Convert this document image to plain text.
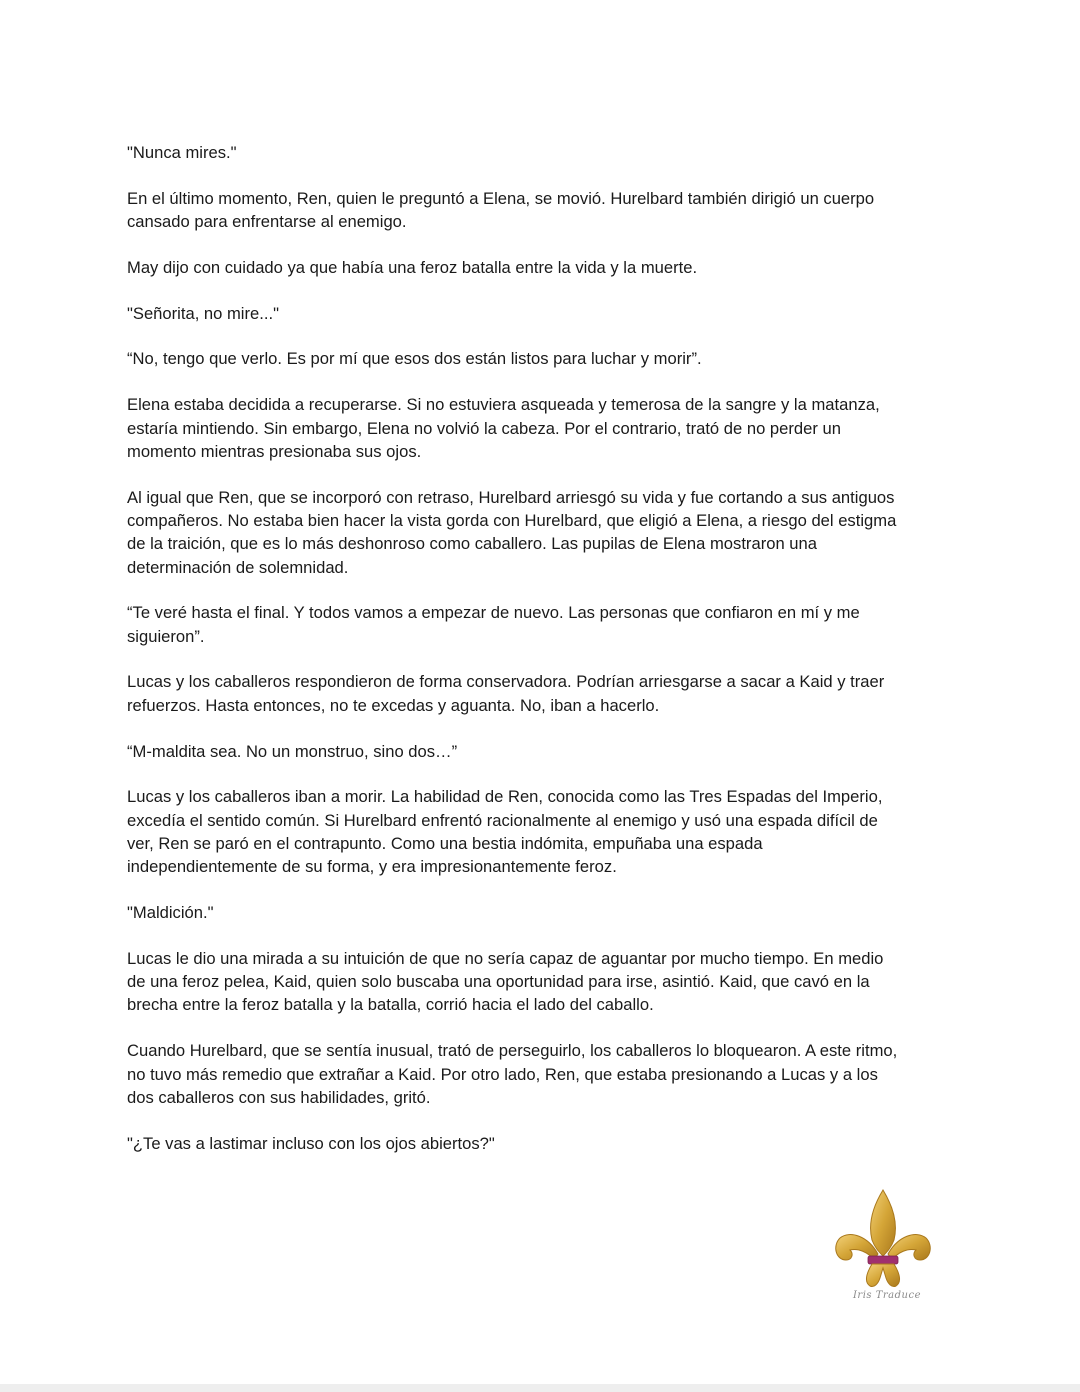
"Nunca mires."

En el último momento, Ren, quien le preguntó a Elena, se movió. Hurelbard también dirigió un cuerpo
cansado para enfrentarse al enemigo.

May dijo con cuidado ya que había una feroz batalla entre la vida y la muerte.

"Señorita, no mire..."

“No, tengo que verlo. Es por mí que esos dos están listos para luchar y morir”.

Elena estaba decidida a recuperarse. Si no estuviera asqueada y temerosa de la sangre y la matanza,
estaría mintiendo. Sin embargo, Elena no volvió la cabeza. Por el contrario, trató de no perder un
momento mientras presionaba sus ojos.

Al igual que Ren, que se incorporó con retraso, Hurelbard arriesgó su vida y fue cortando a sus antiguos
compañeros. No estaba bien hacer la vista gorda con Hurelbard, que eligió a Elena, a riesgo del estigma
de la traición, que es lo más deshonroso como caballero. Las pupilas de Elena mostraron una
determinación de solemnidad.

“Te veré hasta el final. Y todos vamos a empezar de nuevo. Las personas que confiaron en mí y me
siguieron”.

Lucas y los caballeros respondieron de forma conservadora. Podrían arriesgarse a sacar a Kaid y traer
refuerzos. Hasta entonces, no te excedas y aguanta. No, iban a hacerlo.

“M-maldita sea. No un monstruo, sino dos…”

Lucas y los caballeros iban a morir. La habilidad de Ren, conocida como las Tres Espadas del Imperio,
excedía el sentido común. Si Hurelbard enfrentó racionalmente al enemigo y usó una espada difícil de
ver, Ren se paró en el contrapunto. Como una bestia indómita, empuñaba una espada
independientemente de su forma, y era impresionantemente feroz.

"Maldición."

Lucas le dio una mirada a su intuición de que no sería capaz de aguantar por mucho tiempo. En medio
de una feroz pelea, Kaid, quien solo buscaba una oportunidad para irse, asintió. Kaid, que cavó en la
brecha entre la feroz batalla y la batalla, corrió hacia el lado del caballo.

Cuando Hurelbard, que se sentía inusual, trató de perseguirlo, los caballeros lo bloquearon. A este ritmo,
no tuvo más remedio que extrañar a Kaid. Por otro lado, Ren, que estaba presionando a Lucas y a los
dos caballeros con sus habilidades, gritó.

"¿Te vas a lastimar incluso con los ojos abiertos?"

Iris Traduce
